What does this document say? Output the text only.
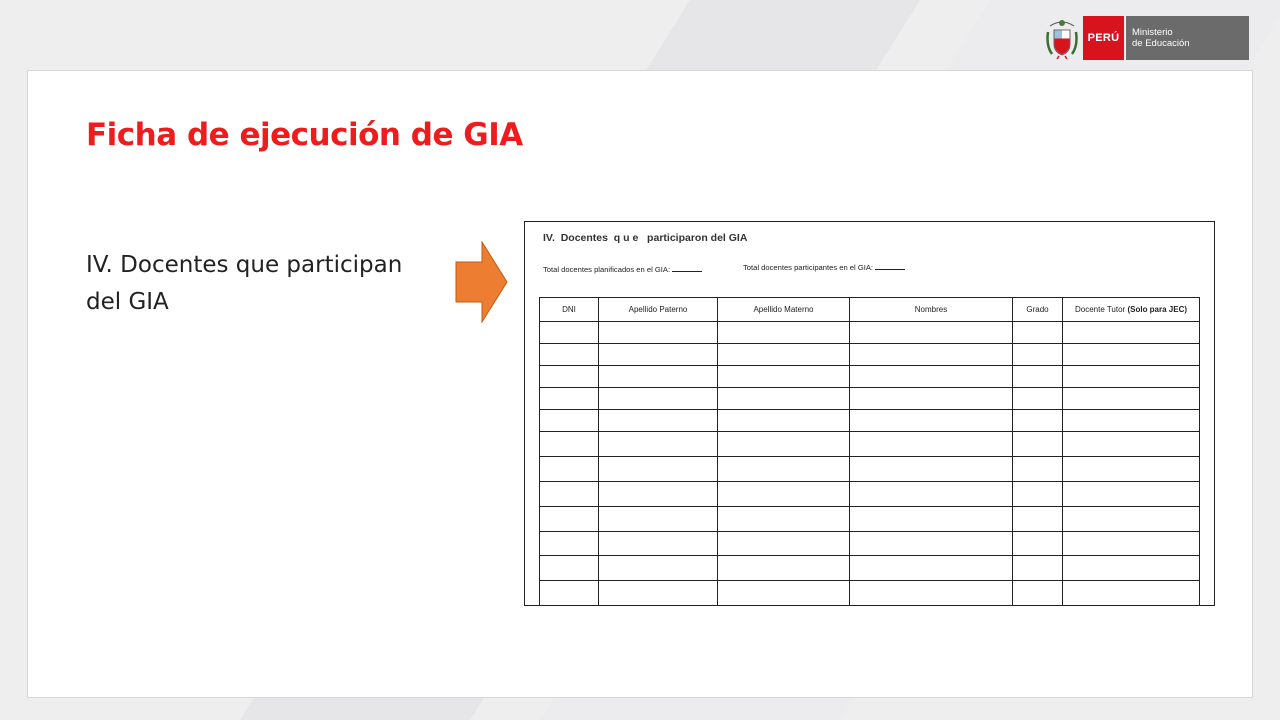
PERÚ	Ministerio
de Educación
Ficha de ejecución de GIA
IV. Docentes que participan
del GIA
IV.  Docentes  q u e   participaron del GIA
Total docentes planificados en el GIA:	Total docentes participantes en el GIA:
DNI	Apellido Paterno	Apellido Materno	Nombres	Grado	Docente Tutor (Solo para JEC)
